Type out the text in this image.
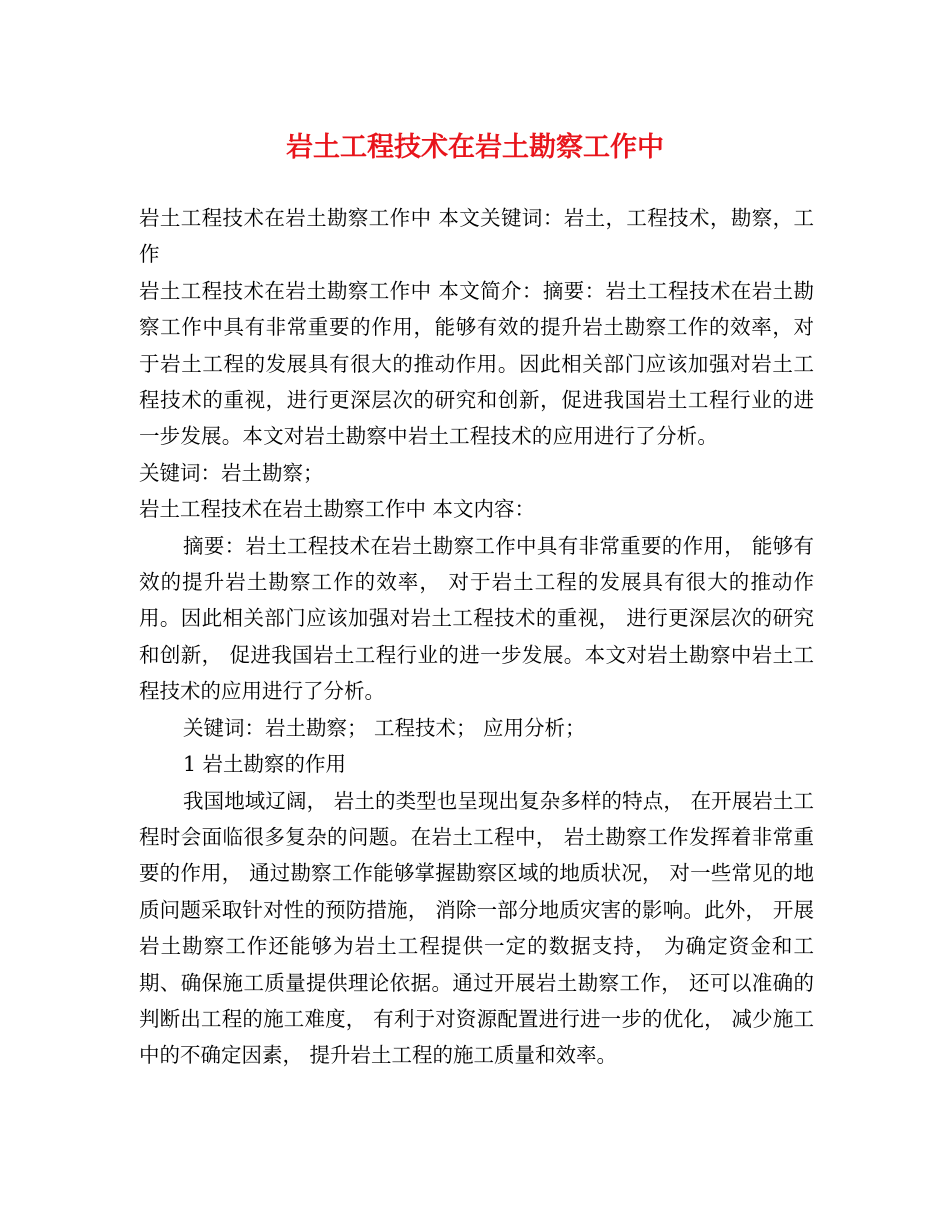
岩土工程技术在岩土勘察工作中

岩土工程技术在岩土勘察工作中 本文关键词：岩土，工程技术，勘察，工作

岩土工程技术在岩土勘察工作中 本文简介：摘要：岩土工程技术在岩土勘察工作中具有非常重要的作用，能够有效的提升岩土勘察工作的效率，对于岩土工程的发展具有很大的推动作用。因此相关部门应该加强对岩土工程技术的重视，进行更深层次的研究和创新，促进我国岩土工程行业的进一步发展。本文对岩土勘察中岩土工程技术的应用进行了分析。关键词：岩土勘察；

岩土工程技术在岩土勘察工作中 本文内容：

摘要：岩土工程技术在岩土勘察工作中具有非常重要的作用， 能够有效的提升岩土勘察工作的效率， 对于岩土工程的发展具有很大的推动作用。因此相关部门应该加强对岩土工程技术的重视， 进行更深层次的研究和创新， 促进我国岩土工程行业的进一步发展。本文对岩土勘察中岩土工程技术的应用进行了分析。

关键词：岩土勘察； 工程技术； 应用分析；

1 岩土勘察的作用

我国地域辽阔， 岩土的类型也呈现出复杂多样的特点， 在开展岩土工程时会面临很多复杂的问题。在岩土工程中， 岩土勘察工作发挥着非常重要的作用， 通过勘察工作能够掌握勘察区域的地质状况， 对一些常见的地质问题采取针对性的预防措施， 消除一部分地质灾害的影响。此外， 开展岩土勘察工作还能够为岩土工程提供一定的数据支持， 为确定资金和工期、确保施工质量提供理论依据。通过开展岩土勘察工作， 还可以准确的判断出工程的施工难度， 有利于对资源配置进行进一步的优化， 减少施工中的不确定因素， 提升岩土工程的施工质量和效率。
